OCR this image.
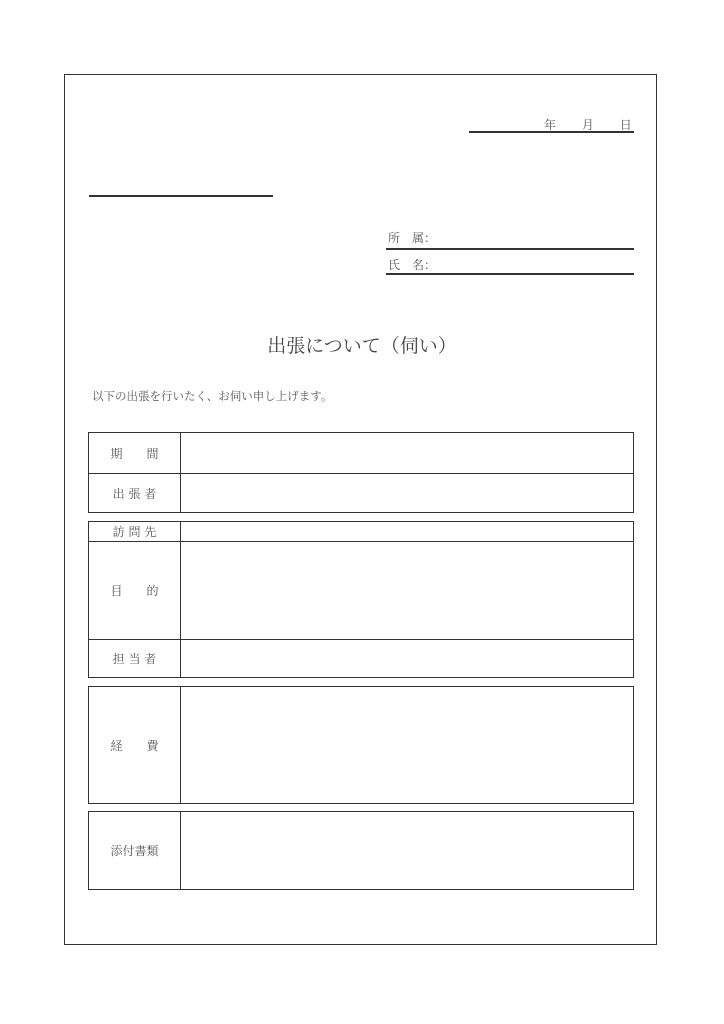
年 月 日
所　属：
氏　名：
出張について（伺い）
以下の出張を行いたく、お伺い申し上げます。
期　　間
出 張 者
訪 問 先
目　　的
担 当 者
経　　費
添付書類
